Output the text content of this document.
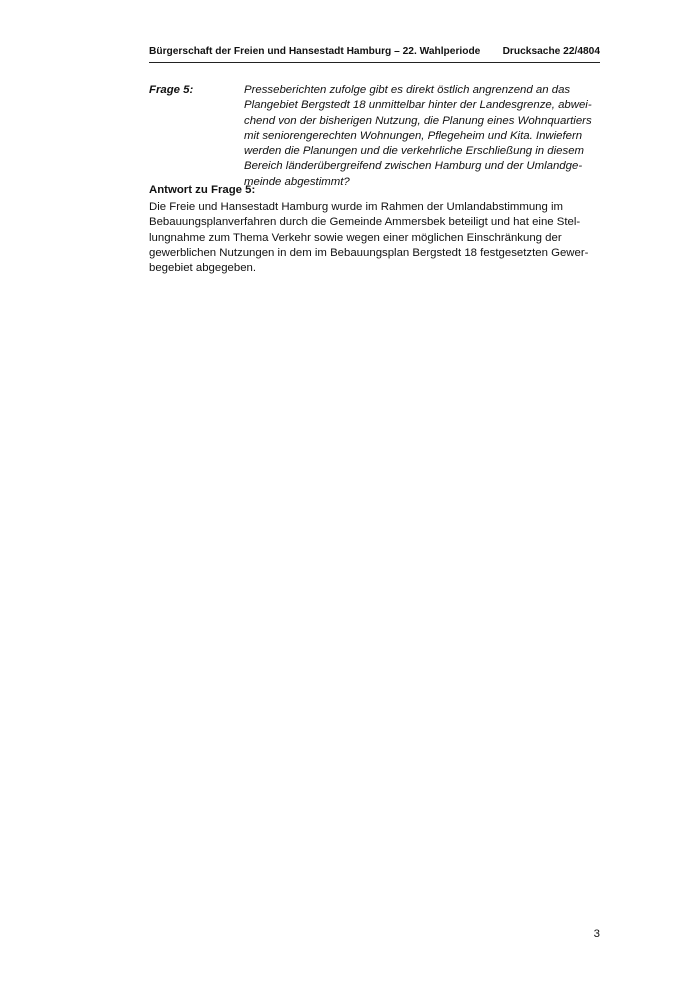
Bürgerschaft der Freien und Hansestadt Hamburg – 22. Wahlperiode Drucksache 22/4804
Frage 5:	Presseberichten zufolge gibt es direkt östlich angrenzend an das
Plangebiet Bergstedt 18 unmittelbar hinter der Landesgrenze, abwei-
chend von der bisherigen Nutzung, die Planung eines Wohnquartiers
mit seniorengerechten Wohnungen, Pflegeheim und Kita. Inwiefern
werden die Planungen und die verkehrliche Erschließung in diesem
Bereich länderübergreifend zwischen Hamburg und der Umlandge-
meinde abgestimmt?
Antwort zu Frage 5:
Die Freie und Hansestadt Hamburg wurde im Rahmen der Umlandabstimmung im
Bebauungsplanverfahren durch die Gemeinde Ammersbek beteiligt und hat eine Stel-
lungnahme zum Thema Verkehr sowie wegen einer möglichen Einschränkung der
gewerblichen Nutzungen in dem im Bebauungsplan Bergstedt 18 festgesetzten Gewer-
begebiet abgegeben.
3
